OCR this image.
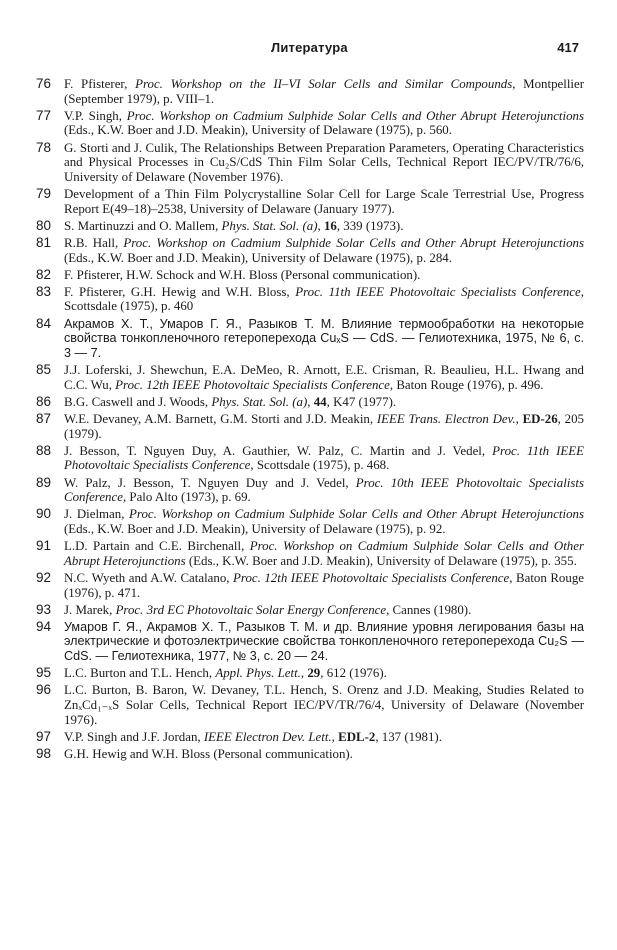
Литература	417
76	F. Pfisterer, Proc. Workshop on the II–VI Solar Cells and Similar Compounds, Montpellier (September 1979), p. VIII–1.
77	V.P. Singh, Proc. Workshop on Cadmium Sulphide Solar Cells and Other Abrupt Heterojunctions (Eds., K.W. Boer and J.D. Meakin), University of Delaware (1975), p. 560.
78	G. Storti and J. Culik, The Relationships Between Preparation Parameters, Operating Characteristics and Physical Processes in Cu₂S/CdS Thin Film Solar Cells, Technical Report IEC/PV/TR/76/6, University of Delaware (November 1976).
79	Development of a Thin Film Polycrystalline Solar Cell for Large Scale Terrestrial Use, Progress Report E(49–18)–2538, University of Delaware (January 1977).
80	S. Martinuzzi and O. Mallem, Phys. Stat. Sol. (a), 16, 339 (1973).
81	R.B. Hall, Proc. Workshop on Cadmium Sulphide Solar Cells and Other Abrupt Heterojunctions (Eds., K.W. Boer and J.D. Meakin), University of Delaware (1975), p. 284.
82	F. Pfisterer, H.W. Schock and W.H. Bloss (Personal communication).
83	F. Pfisterer, G.H. Hewig and W.H. Bloss, Proc. 11th IEEE Photovoltaic Specialists Conference, Scottsdale (1975), p. 460
84	Акрамов Х. Т., Умаров Г. Я., Разыков Т. М. Влияние термообработки на некоторые свойства тонкопленочного гетероперехода CuₓS — CdS. — Гелиотехника, 1975, № 6, с. 3 — 7.
85	J.J. Loferski, J. Shewchun, E.A. DeMeo, R. Arnott, E.E. Crisman, R. Beaulieu, H.L. Hwang and C.C. Wu, Proc. 12th IEEE Photovoltaic Specialists Conference, Baton Rouge (1976), p. 496.
86	B.G. Caswell and J. Woods, Phys. Stat. Sol. (a), 44, K47 (1977).
87	W.E. Devaney, A.M. Barnett, G.M. Storti and J.D. Meakin, IEEE Trans. Electron Dev., ED-26, 205 (1979).
88	J. Besson, T. Nguyen Duy, A. Gauthier, W. Palz, C. Martin and J. Vedel, Proc. 11th IEEE Photovoltaic Specialists Conference, Scottsdale (1975), p. 468.
89	W. Palz, J. Besson, T. Nguyen Duy and J. Vedel, Proc. 10th IEEE Photovoltaic Specialists Conference, Palo Alto (1973), p. 69.
90	J. Dielman, Proc. Workshop on Cadmium Sulphide Solar Cells and Other Abrupt Heterojunctions (Eds., K.W. Boer and J.D. Meakin), University of Delaware (1975), p. 92.
91	L.D. Partain and C.E. Birchenall, Proc. Workshop on Cadmium Sulphide Solar Cells and Other Abrupt Heterojunctions (Eds., K.W. Boer and J.D. Meakin), University of Delaware (1975), p. 355.
92	N.C. Wyeth and A.W. Catalano, Proc. 12th IEEE Photovoltaic Specialists Conference, Baton Rouge (1976), p. 471.
93	J. Marek, Proc. 3rd EC Photovoltaic Solar Energy Conference, Cannes (1980).
94	Умаров Г. Я., Акрамов Х. Т., Разыков Т. М. и др. Влияние уровня легирования базы на электрические и фотоэлектрические свойства тонкопленочного гетероперехода Cu₂S — CdS. — Гелиотехника, 1977, № 3, с. 20 — 24.
95	L.C. Burton and T.L. Hench, Appl. Phys. Lett., 29, 612 (1976).
96	L.C. Burton, B. Baron, W. Devaney, T.L. Hench, S. Orenz and J.D. Meaking, Studies Related to ZnₓCd₁₋ₓS Solar Cells, Technical Report IEC/PV/TR/76/4, University of Delaware (November 1976).
97	V.P. Singh and J.F. Jordan, IEEE Electron Dev. Lett., EDL-2, 137 (1981).
98	G.H. Hewig and W.H. Bloss (Personal communication).
